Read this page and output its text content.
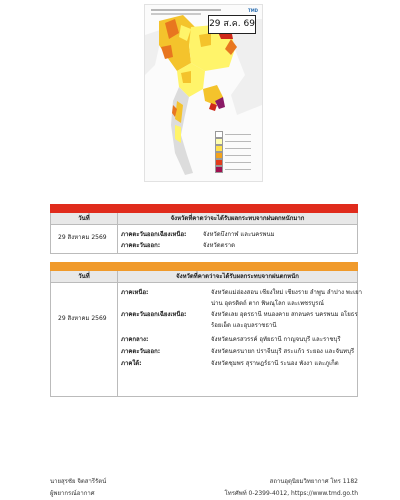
TMD
29 ส.ค. 69
วันที่	จังหวัดที่คาดว่าจะได้รับผลกระทบจากฝนตกหนักมาก
29 สิงหาคม 2569 ภาคตะวันออกเฉียงเหนือ:	จังหวัดบึงกาฬ และนครพนม
ภาคตะวันออก:	จังหวัดตราด
วันที่	จังหวัดที่คาดว่าจะได้รับผลกระทบจากฝนตกหนัก
29 สิงหาคม 2569
ภาคเหนือ:	จังหวัดแม่ฮ่องสอน เชียงใหม่ เชียงราย ลำพูน ลำปาง พะเยา
น่าน อุตรดิตถ์ ตาก พิษณุโลก และเพชรบูรณ์
ภาคตะวันออกเฉียงเหนือ:	จังหวัดเลย อุดรธานี หนองคาย สกลนคร นครพนม อโยธร
ร้อยเอ็ด และอุบลราชธานี
ภาคกลาง:	จังหวัดนครสวรรค์ อุทัยธานี กาญจนบุรี และราชบุรี
ภาคตะวันออก:	จังหวัดนครนายก ปราจีนบุรี สระแก้ว ระยอง และจันทบุรี
ภาคใต้:	จังหวัดชุมพร สุราษฎร์ธานี ระนอง พังงา และภูเก็ต
นายสุรชัย จิตสารีรัตน์
ผู้พยากรณ์อากาศ
สถานอุตุนิยมวิทยากาศ โทร 1182
โทรศัพท์ 0-2399-4012, https://www.tmd.go.th
